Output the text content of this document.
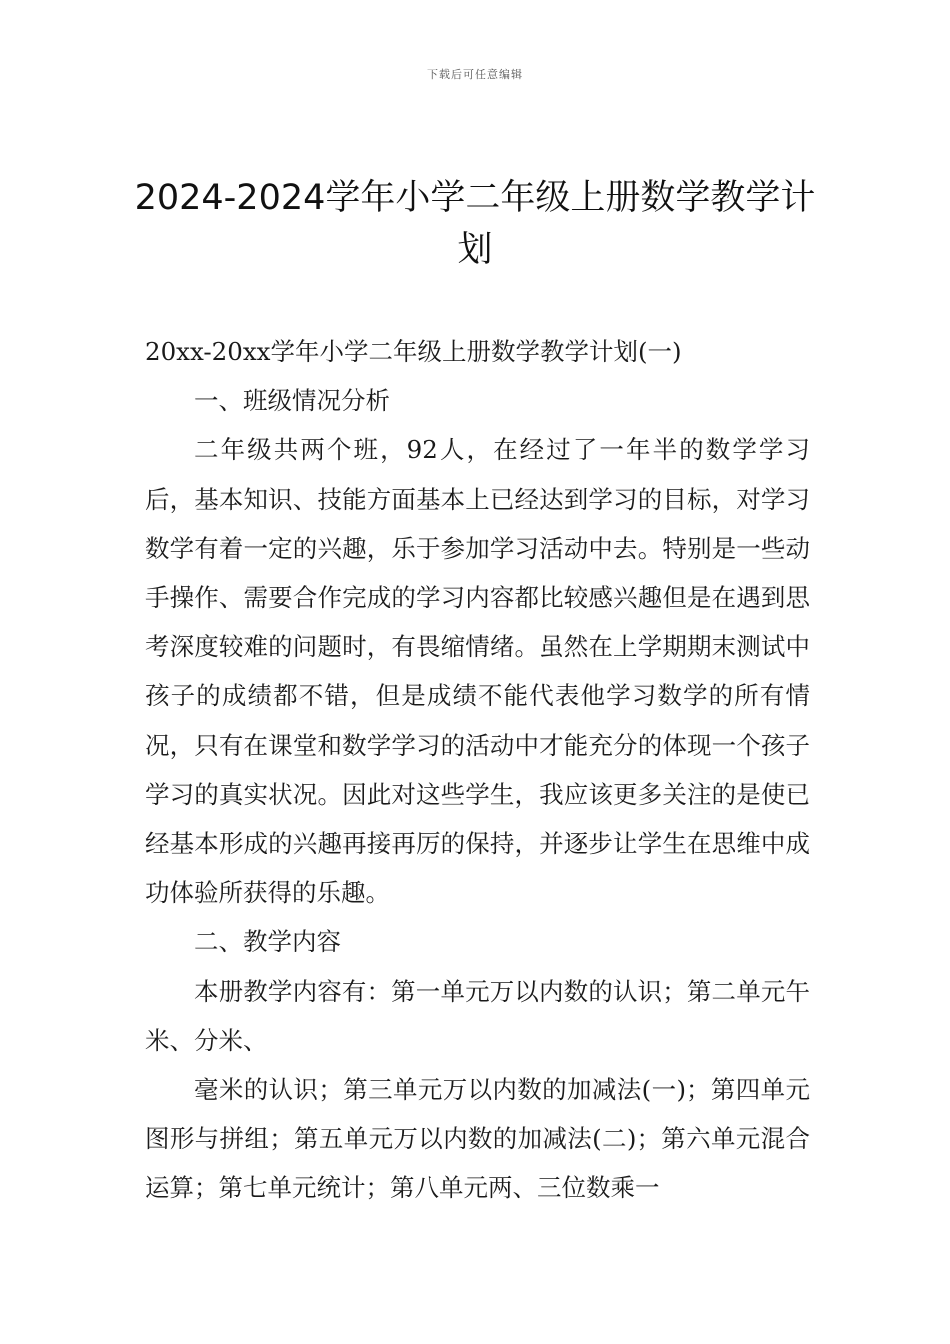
下载后可任意编辑
2024-2024学年小学二年级上册数学教学计划

20xx-20xx学年小学二年级上册数学教学计划(一)

一、班级情况分析

二年级共两个班，92人，在经过了一年半的数学学习后，基本知识、技能方面基本上已经达到学习的目标，对学习数学有着一定的兴趣，乐于参加学习活动中去。特别是一些动手操作、需要合作完成的学习内容都比较感兴趣但是在遇到思考深度较难的问题时，有畏缩情绪。虽然在上学期期末测试中孩子的成绩都不错，但是成绩不能代表他学习数学的所有情况，只有在课堂和数学学习的活动中才能充分的体现一个孩子学习的真实状况。因此对这些学生，我应该更多关注的是使已经基本形成的兴趣再接再厉的保持，并逐步让学生在思维中成功体验所获得的乐趣。

二、教学内容

本册教学内容有：第一单元万以内数的认识；第二单元午米、分米、

毫米的认识；第三单元万以内数的加减法(一)；第四单元图形与拼组；第五单元万以内数的加减法(二)；第六单元混合运算；第七单元统计；第八单元两、三位数乘一
